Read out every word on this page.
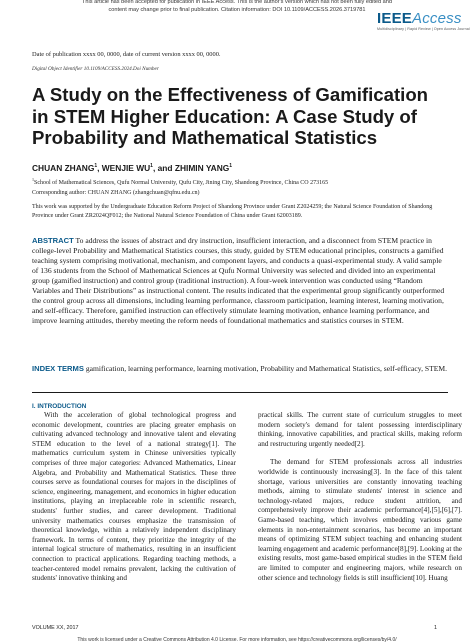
This article has been accepted for publication in IEEE Access. This is the author's version which has not been fully edited and
content may change prior to final publication. Citation information: DOI 10.1109/ACCESS.2026.3719781 IEEEAccess
Multidisciplinary | Rapid Review | Open Access Journal
Date of publication xxxx 00, 0000, date of current version xxxx 00, 0000.
Digital Object Identifier 10.1109/ACCESS.2024.Doi Number
A Study on the Effectiveness of Gamification in STEM Higher Education: A Case Study of Probability and Mathematical Statistics
CHUAN ZHANG$^1$, WENJIE $WU^1$, and ZHIMIN YANG$^1$
$^1$School of Mathematical Sciences, Qufu Normal University, Qufu City, Jining City, Shandong Province, China CO 273165
Corresponding author: CHUAN ZHANG (zhangchuan@qfnu.edu.cn)
This work was supported by the Undergraduate Education Reform Project of Shandong Province under Grant Z2024259; the Natural Science Foundation of Shandong Province under Grant ZR2024QF012; the National Natural Science Foundation of China under Grant 62003189.
ABSTRACT To address the issues of abstract and dry instruction, insufficient interaction, and a disconnect from STEM practice in college-level Probability and Mathematical Statistics courses, this study, guided by STEM educational principles, constructs a gamified teaching system comprising motivational, mechanism, and component layers, and conducts a quasi-experimental study. A valid sample of 136 students from the School of Mathematical Sciences at Qufu Normal University was selected and divided into an experimental group (gamified instruction) and control group (traditional instruction). A four-week intervention was conducted using “Random Variables and Their Distributions” as instructional content. The results indicated that the experimental group significantly outperformed the control group across all dimensions, including learning performance, classroom participation, learning interest, learning motivation, and self-efficacy. Therefore, gamified instruction can effectively stimulate learning motivation, enhance learning performance, and improve learning attitudes, thereby meeting the reform needs of foundational mathematics and statistics courses in STEM.
INDEX TERMS gamification, learning performance, learning motivation, Probability and Mathematical Statistics, self-efficacy, STEM.
I. INTRODUCTION

With the acceleration of global technological progress and economic development, countries are placing greater emphasis on cultivating advanced technology and innovative talent and elevating STEM education to the level of a national strategy[1]. The mathematics curriculum system in Chinese universities typically comprises of three major categories: Advanced Mathematics, Linear Algebra, and Probability and Mathematical Statistics. These three courses serve as foundational courses for majors in the disciplines of science, engineering, management, and economics in higher education institutions, playing an irreplaceable role in scientific research, students' further studies, and career development. Traditional university mathematics courses emphasize the transmission of theoretical knowledge, within a relatively independent disciplinary framework. In terms of content, they prioritize the integrity of the internal logical structure of mathematics, resulting in an insufficient connection to practical applications. Regarding teaching methods, a teacher-centered model remains prevalent, lacking the cultivation of students' innovative thinking and

practical skills. The current state of curriculum struggles to meet modern society's demand for talent possessing interdisciplinary thinking, innovative capabilities, and practical skills, making reform and restructuring urgently needed[2].

The demand for STEM professionals across all industries worldwide is continuously increasing[3]. In the face of this talent shortage, various universities are constantly innovating teaching methods, aiming to stimulate students' interest in science and technology-related majors, reduce student attrition, and comprehensively improve their academic performance[4],[5],[6],[7]. Game-based teaching, which involves embedding various game elements in non-entertainment scenarios, has become an important means of optimizing STEM subject teaching and enhancing student learning engagement and academic performance[8],[9]. Looking at the existing results, most game-based empirical studies in the STEM field are limited to computer and engineering majors, while research on other science and technology fields is still insufficient[10]. Huang

VOLUME XX, 2017	1
This work is licensed under a Creative Commons Attribution 4.0 License. For more information, see https://creativecommons.org/licenses/by/4.0/
